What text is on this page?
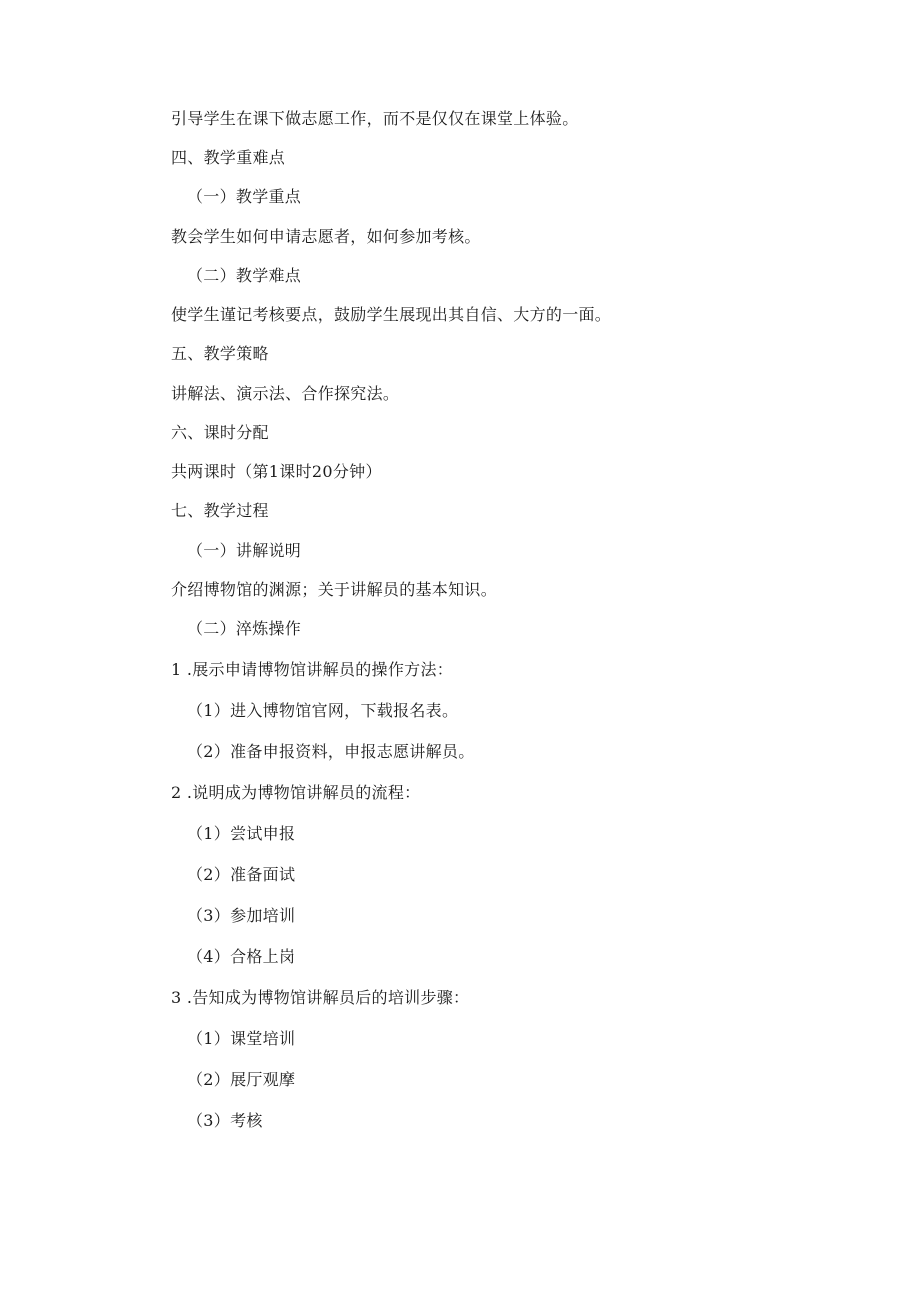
引导学生在课下做志愿工作，而不是仅仅在课堂上体验。
四、教学重难点
（一）教学重点
教会学生如何申请志愿者，如何参加考核。
（二）教学难点
使学生谨记考核要点，鼓励学生展现出其自信、大方的一面。
五、教学策略
讲解法、演示法、合作探究法。
六、课时分配
共两课时（第1课时20分钟）
七、教学过程
（一）讲解说明
介绍博物馆的渊源；关于讲解员的基本知识。
（二）淬炼操作
1 .展示申请博物馆讲解员的操作方法：
（1）进入博物馆官网，下载报名表。
（2）准备申报资料，申报志愿讲解员。
2 .说明成为博物馆讲解员的流程：
（1）尝试申报
（2）准备面试
（3）参加培训
（4）合格上岗
3 .告知成为博物馆讲解员后的培训步骤：
（1）课堂培训
（2）展厅观摩
（3）考核
